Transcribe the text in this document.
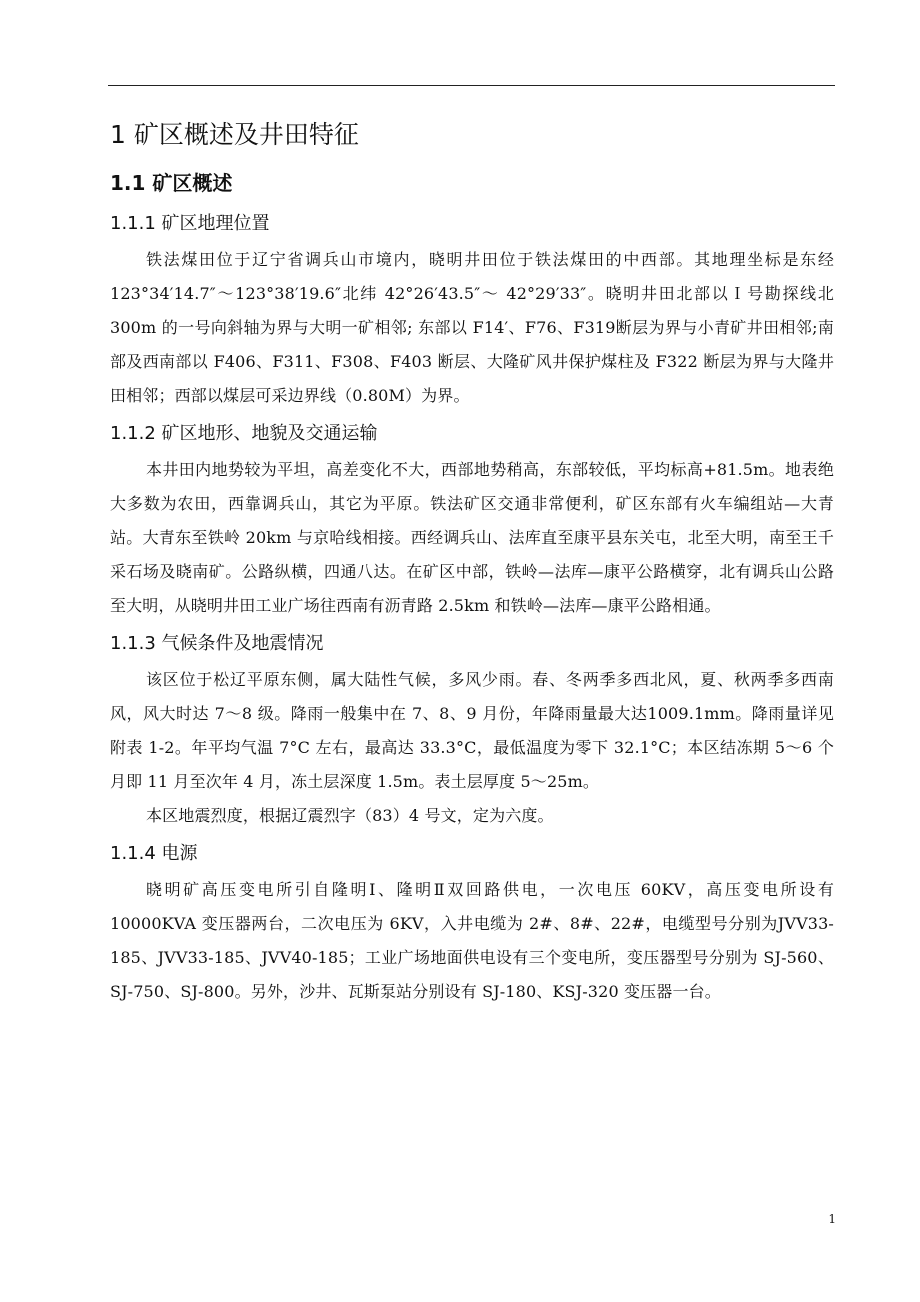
1 矿区概述及井田特征
1.1 矿区概述
1.1.1 矿区地理位置

铁法煤田位于辽宁省调兵山市境内，晓明井田位于铁法煤田的中西部。其地理坐标是东经 123°34′14.7″～123°38′19.6″北纬 42°26′43.5″～ 42°29′33″。晓明井田北部以Ｉ号勘探线北 300m 的一号向斜轴为界与大明一矿相邻; 东部以 F14′、F76、F319断层为界与小青矿井田相邻;南部及西南部以 F406、F311、F308、F403 断层、大隆矿风井保护煤柱及 F322 断层为界与大隆井田相邻；西部以煤层可采边界线（0.80M）为界。

1.1.2 矿区地形、地貌及交通运输

本井田内地势较为平坦，高差变化不大，西部地势稍高，东部较低，平均标高+81.5m。地表绝大多数为农田，西靠调兵山，其它为平原。铁法矿区交通非常便利，矿区东部有火车编组站—大青站。大青东至铁岭 20km 与京哈线相接。西经调兵山、法库直至康平县东关屯，北至大明，南至王千采石场及晓南矿。公路纵横，四通八达。在矿区中部，铁岭—法库—康平公路横穿，北有调兵山公路至大明，从晓明井田工业广场往西南有沥青路 2.5km 和铁岭—法库—康平公路相通。

1.1.3 气候条件及地震情况

该区位于松辽平原东侧，属大陆性气候，多风少雨。春、冬两季多西北风，夏、秋两季多西南风，风大时达 7～8 级。降雨一般集中在 7、8、9 月份，年降雨量最大达1009.1mm。降雨量详见附表 1-2。年平均气温 7°C 左右，最高达 33.3°C，最低温度为零下 32.1°C；本区结冻期 5～6 个月即 11 月至次年 4 月，冻土层深度 1.5m。表土层厚度 5～25m。

本区地震烈度，根据辽震烈字（83）4 号文，定为六度。

1.1.4 电源

晓明矿高压变电所引自隆明Ⅰ、隆明Ⅱ双回路供电，一次电压 60KV，高压变电所设有 10000KVA 变压器两台，二次电压为 6KV，入井电缆为 2#、8#、22#，电缆型号分别为JVV33-185、JVV33-185、JVV40-185；工业广场地面供电设有三个变电所，变压器型号分别为 SJ-560、SJ-750、SJ-800。另外，沙井、瓦斯泵站分别设有 SJ-180、KSJ-320 变压器一台。

1
